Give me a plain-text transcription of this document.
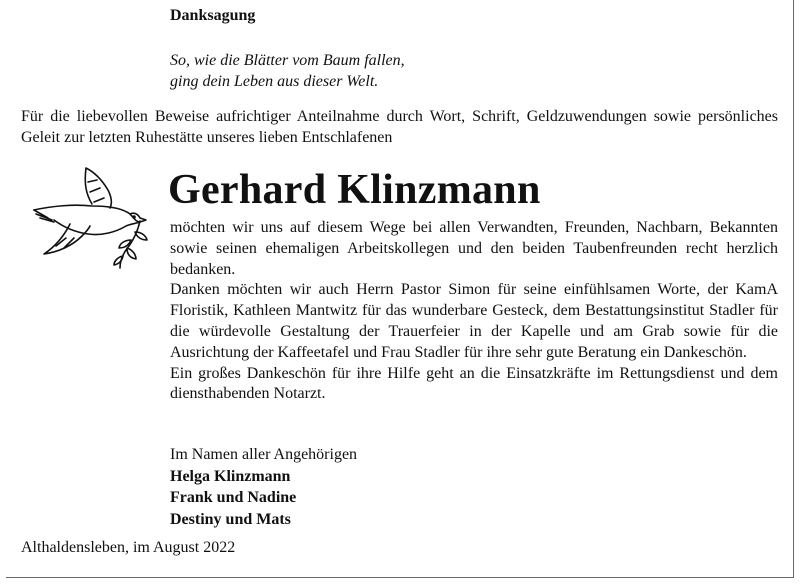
Danksagung
So, wie die Blätter vom Baum fallen,
ging dein Leben aus dieser Welt.
Für die liebevollen Beweise aufrichtiger Anteilnahme durch Wort, Schrift, Geldzuwendungen sowie persönliches Geleit zur letzten Ruhestätte unseres lieben Entschlafenen
Gerhard Klinzmann

möchten wir uns auf diesem Wege bei allen Verwandten, Freunden, Nachbarn, Bekannten sowie seinen ehemaligen Arbeitskollegen und den beiden Taubenfreunden recht herzlich bedanken.

Danken möchten wir auch Herrn Pastor Simon für seine einfühlsamen Worte, der KamA Floristik, Kathleen Mantwitz für das wunderbare Gesteck, dem Bestattungsinstitut Stadler für die würdevolle Gestaltung der Trauerfeier in der Kapelle und am Grab sowie für die Ausrichtung der Kaffeetafel und Frau Stadler für ihre sehr gute Beratung ein Dankeschön.

Ein großes Dankeschön für ihre Hilfe geht an die Einsatzkräfte im Rettungsdienst und dem diensthabenden Notarzt.

Im Namen aller Angehörigen
Helga Klinzmann
Frank und Nadine
Destiny und Mats
Althaldensleben, im August 2022
